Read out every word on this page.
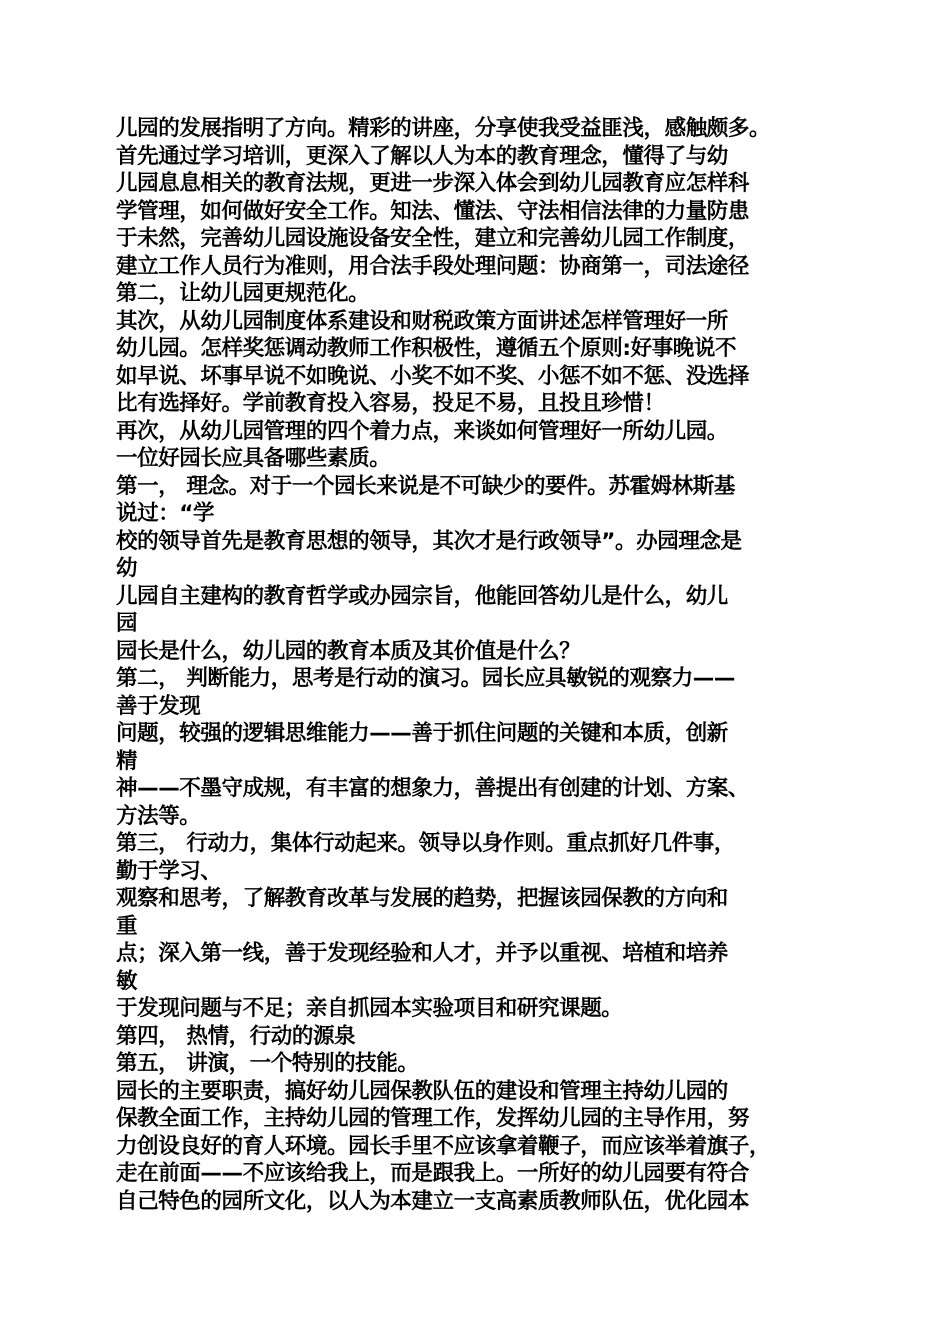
儿园的发展指明了方向。精彩的讲座，分享使我受益匪浅，感触颇多。
首先通过学习培训，更深入了解以人为本的教育理念，懂得了与幼
儿园息息相关的教育法规，更进一步深入体会到幼儿园教育应怎样科
学管理，如何做好安全工作。知法、懂法、守法相信法律的力量防患
于未然，完善幼儿园设施设备安全性，建立和完善幼儿园工作制度，
建立工作人员行为准则，用合法手段处理问题：协商第一，司法途径
第二，让幼儿园更规范化。
其次，从幼儿园制度体系建设和财税政策方面讲述怎样管理好一所
幼儿园。怎样奖惩调动教师工作积极性，遵循五个原则:好事晚说不
如早说、坏事早说不如晚说、小奖不如不奖、小惩不如不惩、没选择
比有选择好。学前教育投入容易，投足不易，且投且珍惜！
再次，从幼儿园管理的四个着力点，来谈如何管理好一所幼儿园。
一位好园长应具备哪些素质。
第一， 理念。对于一个园长来说是不可缺少的要件。苏霍姆林斯基
说过：“学
校的领导首先是教育思想的领导，其次才是行政领导”。办园理念是
幼
儿园自主建构的教育哲学或办园宗旨，他能回答幼儿是什么，幼儿
园
园长是什么，幼儿园的教育本质及其价值是什么？
第二， 判断能力，思考是行动的演习。园长应具敏锐的观察力——
善于发现
问题，较强的逻辑思维能力——善于抓住问题的关键和本质，创新
精
神——不墨守成规，有丰富的想象力，善提出有创建的计划、方案、
方法等。
第三， 行动力，集体行动起来。领导以身作则。重点抓好几件事，
勤于学习、
观察和思考，了解教育改革与发展的趋势，把握该园保教的方向和
重
点；深入第一线，善于发现经验和人才，并予以重视、培植和培养
敏
于发现问题与不足；亲自抓园本实验项目和研究课题。
第四， 热情，行动的源泉
第五， 讲演，一个特别的技能。
园长的主要职责，搞好幼儿园保教队伍的建设和管理主持幼儿园的
保教全面工作，主持幼儿园的管理工作，发挥幼儿园的主导作用，努
力创设良好的育人环境。园长手里不应该拿着鞭子，而应该举着旗子，
走在前面——不应该给我上，而是跟我上。一所好的幼儿园要有符合
自己特色的园所文化，以人为本建立一支高素质教师队伍，优化园本
